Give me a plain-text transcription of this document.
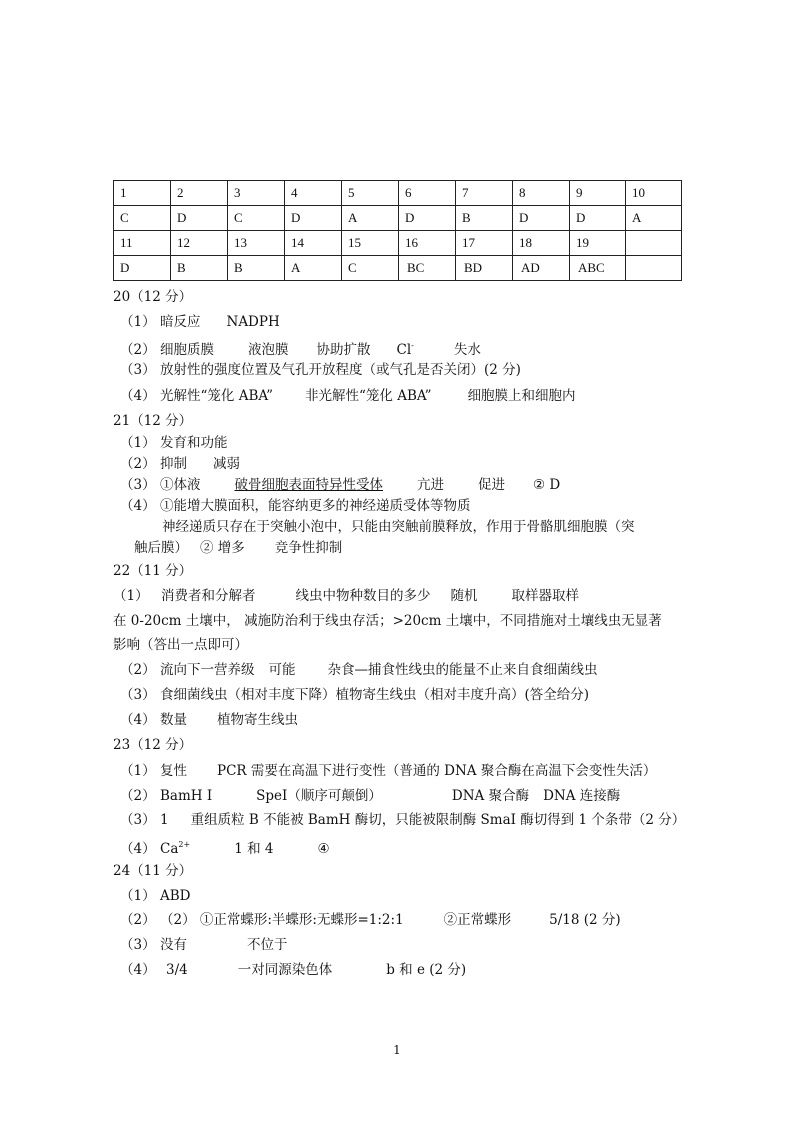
1	2	3	4	5	6	7	8	9	10
C	D	C	D	A	D	B	D	D	A
11	12	13	14	15	16	17	18	19	
D	B	B	A	C	BC	BD	AD	ABC	
20（12 分）
（1） 暗反应 NADPH
（2） 细胞质膜	液泡膜 协助扩散 Cl-	失水
（3） 放射性的强度位置及气孔开放程度（或气孔是否关闭）(2 分)
（4） 光解性“笼化 ABA” 非光解性“笼化 ABA”	细胞膜上和细胞内
21（12 分）
（1） 发育和功能
（2） 抑制 减弱
（3） ①体液	破骨细胞表面特异性受体	亢进	促进 ② D
（4） ①能增大膜面积，能容纳更多的神经递质受体等物质
神经递质只存在于突触小泡中，只能由突触前膜释放，作用于骨骼肌细胞膜（突
触后膜） ② 增多 竞争性抑制
22（11 分）
（1） 消费者和分解者	线虫中物种数目的多少 随机	取样器取样
在 0-20cm 土壤中， 减施防治利于线虫存活；>20cm 土壤中，不同措施对土壤线虫无显著
影响（答出一点即可）
（2） 流向下一营养级 可能 杂食—捕食性线虫的能量不止来自食细菌线虫
（3） 食细菌线虫（相对丰度下降）植物寄生线虫（相对丰度升高）(答全给分)
（4） 数量 植物寄生线虫
23（12 分）
（1） 复性 PCR 需要在高温下进行变性（普通的 DNA 聚合酶在高温下会变性失活）
（2） BamH I	SpeI（顺序可颠倒）	DNA 聚合酶 DNA 连接酶
（3） 1 重组质粒 B 不能被 BamH 酶切，只能被限制酶 SmaI 酶切得到 1 个条带（2 分）
（4） $Ca^{2+}$	1 和 4	④
24（11 分）
（1） ABD
（2） （2） ①正常蝶形:半蝶形:无蝶形=1:2:1	②正常蝶形	5/18 (2 分)
（3） 没有	不位于
（4） 3/4	一对同源染色体	b 和 e (2 分)
1
